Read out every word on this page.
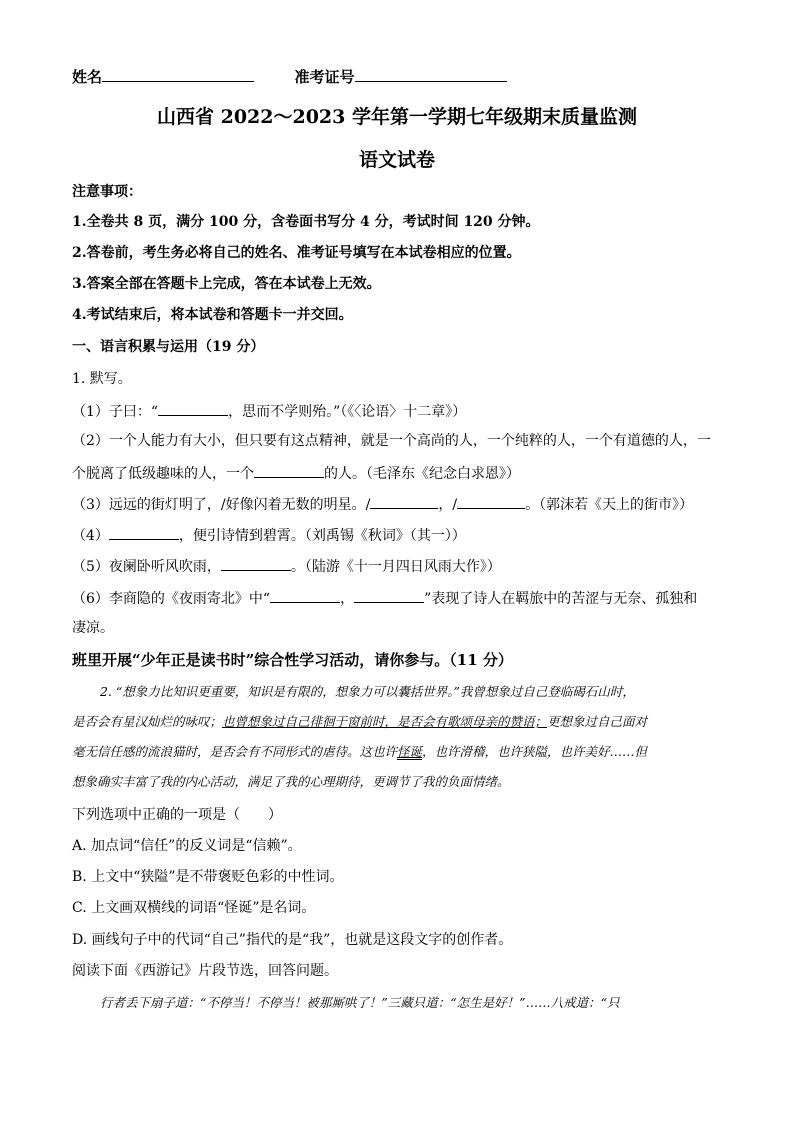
姓名	准考证号
山西省 2022～2023 学年第一学期七年级期末质量监测
语文试卷
注意事项：
1.全卷共 8 页，满分 100 分，含卷面书写分 4 分，考试时间 120 分钟。
2.答卷前，考生务必将自己的姓名、准考证号填写在本试卷相应的位置。
3.答案全部在答题卡上完成，答在本试卷上无效。
4.考试结束后，将本试卷和答题卡一并交回。
一、语言积累与运用（19 分）
1. 默写。
（1）子曰：“	，思而不学则殆。”（《〈论语〉十二章》）
（2）一个人能力有大小，但只要有这点精神，就是一个高尚的人，一个纯粹的人，一个有道德的人，一
个脱离了低级趣味的人，一个	的人。（毛泽东《纪念白求恩》）
（3）远远的街灯明了，/好像闪着无数的明星。/	，/	。（郭沫若《天上的街市》）
（4）	，便引诗情到碧霄。（刘禹锡《秋词》（其一））
（5）夜阑卧听风吹雨，	。（陆游《十一月四日风雨大作》）
（6）李商隐的《夜雨寄北》中“	，	”表现了诗人在羁旅中的苦涩与无奈、孤独和
凄凉。
班里开展“少年正是读书时”综合性学习活动，请你参与。（11 分）
2. “想象力比知识更重要，知识是有限的，想象力可以囊括世界。”我曾想象过自己登临碣石山时，
是否会有星汉灿烂的咏叹；也曾想象过自己徘徊于窗前时，是否会有歌颂母亲的赞语；更想象过自己面对
毫无信任感的流浪猫时，是否会有不同形式的虐待。这也许怪诞，也许滑稽，也许狭隘，也许美好……但
想象确实丰富了我的内心活动，满足了我的心理期待，更调节了我的负面情绪。
下列选项中正确的一项是（　　）
A. 加点词“信任”的反义词是“信赖”。
B. 上文中“狭隘”是不带褒贬色彩的中性词。
C. 上文画双横线的词语“怪诞”是名词。
D. 画线句子中的代词“自己”指代的是“我”，也就是这段文字的创作者。
阅读下面《西游记》片段节选，回答问题。
行者丢下扇子道：“不停当！不停当！被那厮哄了！”三藏只道：“怎生是好！”……八戒道：“只
